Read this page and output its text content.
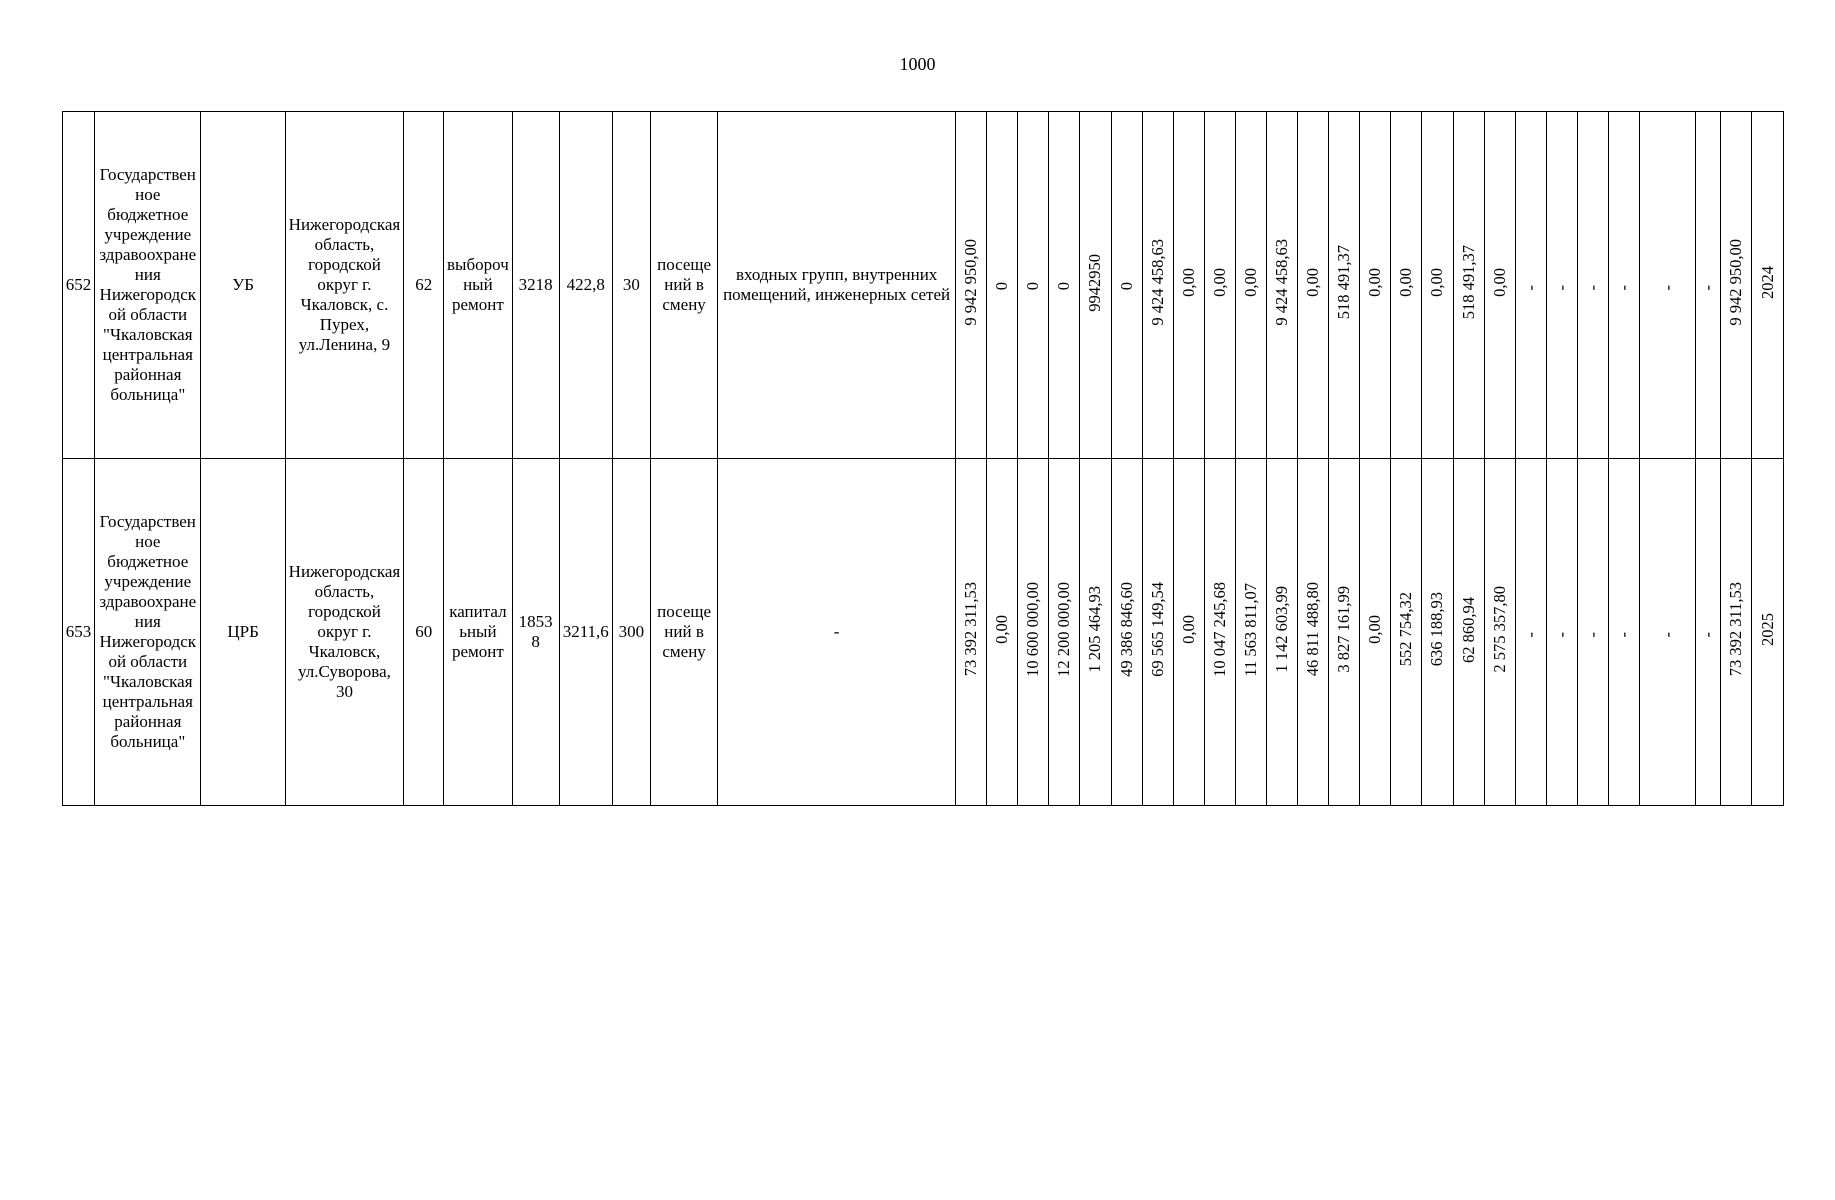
1000
652	Государственное бюджетное учреждение здравоохранения Нижегородской области "Чкаловская центральная районная больница"	УБ	Нижегородская область, городской округ г. Чкаловск, с. Пурех, ул.Ленина, 9	62	выборочный ремонт	3218	422,8	30	посещений в смену	входных групп, внутренних помещений, инженерных сетей	9 942 950,00	0	0	0	9942950	0	9 424 458,63	0,00	0,00	0,00	9 424 458,63	0,00	518 491,37	0,00	0,00	0,00	518 491,37	0,00	-	-	-	-	-	-	9 942 950,00	2024

653	Государственное бюджетное учреждение здравоохранения Нижегородской области "Чкаловская центральная районная больница"	ЦРБ	Нижегородская область, городской округ г. Чкаловск, ул.Суворова, 30	60	капитальный ремонт	18538	3211,6	300	посещений в смену	-	73 392 311,53	0,00	10 600 000,00	12 200 000,00	1 205 464,93	49 386 846,60	69 565 149,54	0,00	10 047 245,68	11 563 811,07	1 142 603,99	46 811 488,80	3 827 161,99	0,00	552 754,32	636 188,93	62 860,94	2 575 357,80	-	-	-	-	-	-	73 392 311,53	2025
